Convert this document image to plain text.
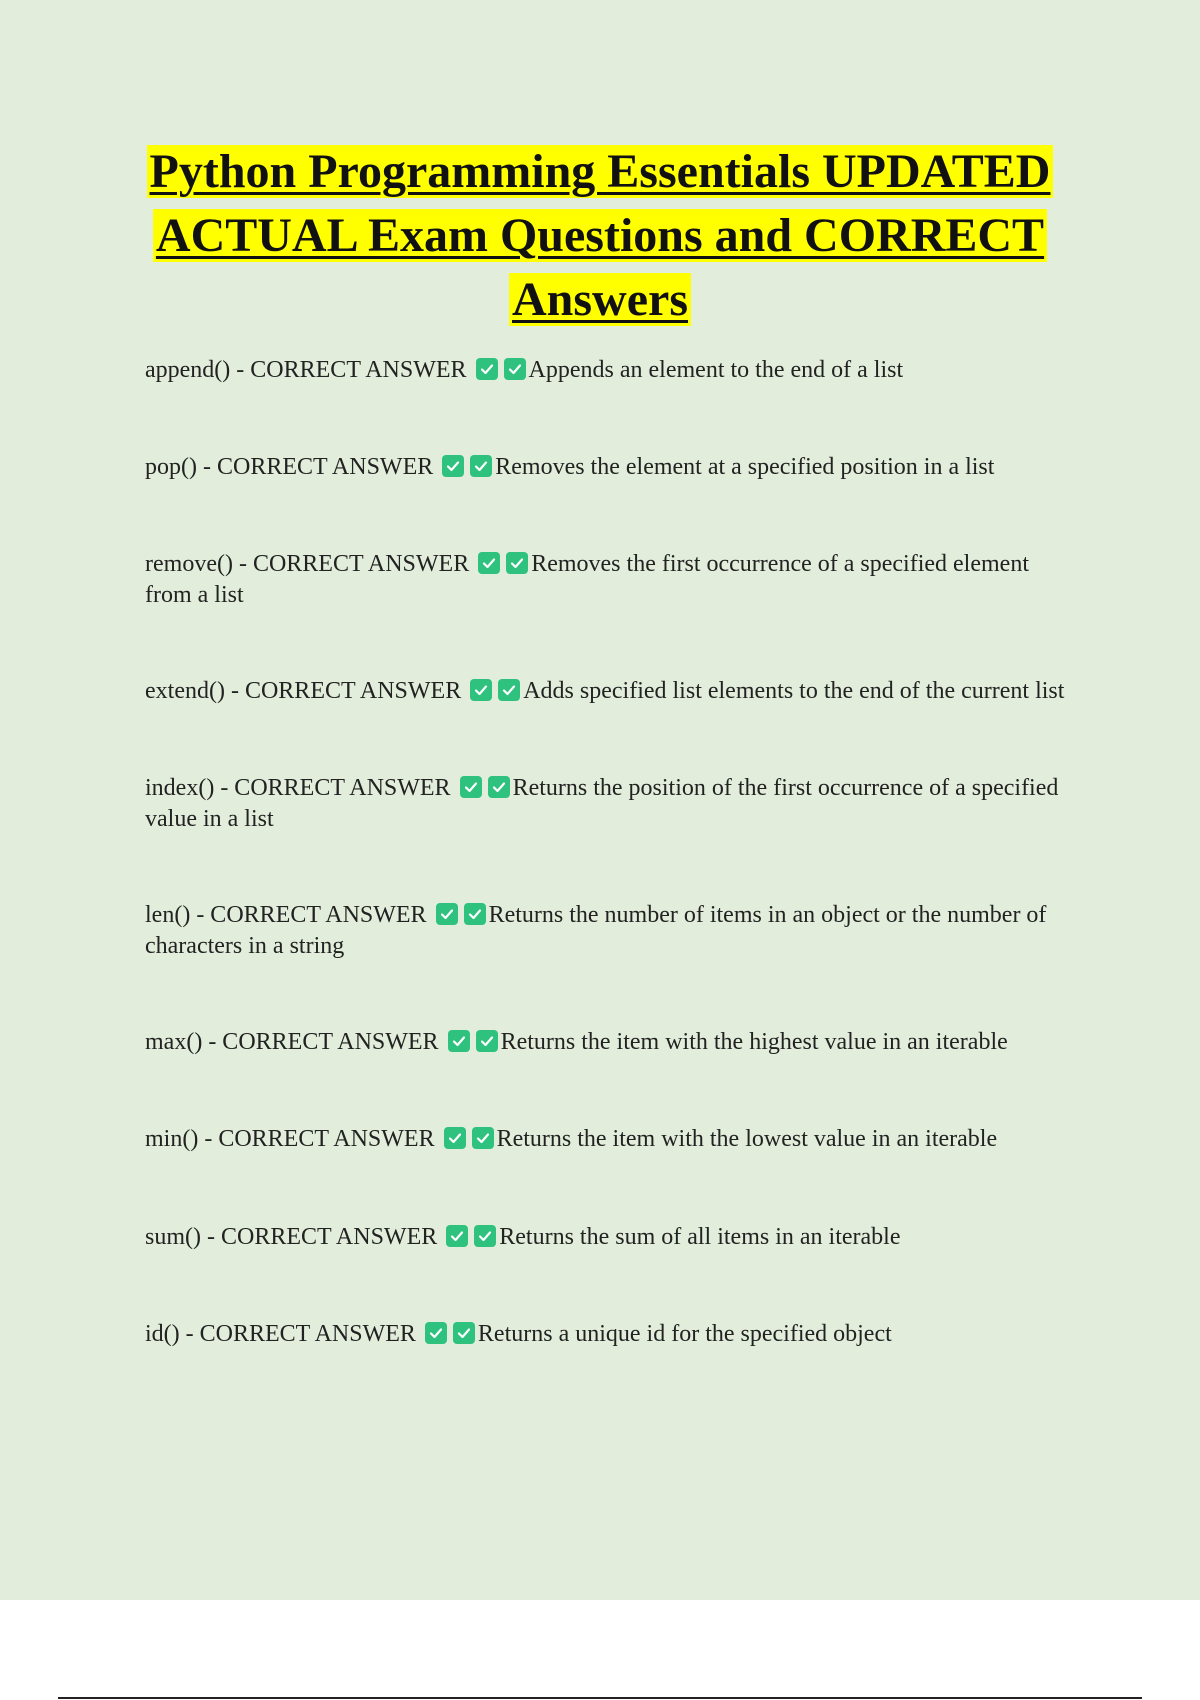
Python Programming Essentials UPDATED
ACTUAL Exam Questions and CORRECT
Answers
append() - CORRECT ANSWER	Appends an element to the end of a list
pop() - CORRECT ANSWER	Removes the element at a specified position in a list
remove() - CORRECT ANSWER	Removes the first occurrence of a specified element from a list
extend() - CORRECT ANSWER	Adds specified list elements to the end of the current list
index() - CORRECT ANSWER	Returns the position of the first occurrence of a specified value in a list
len() - CORRECT ANSWER	Returns the number of items in an object or the number of characters in a string
max() - CORRECT ANSWER	Returns the item with the highest value in an iterable
min() - CORRECT ANSWER	Returns the item with the lowest value in an iterable
sum() - CORRECT ANSWER	Returns the sum of all items in an iterable
id() - CORRECT ANSWER	Returns a unique id for the specified object
